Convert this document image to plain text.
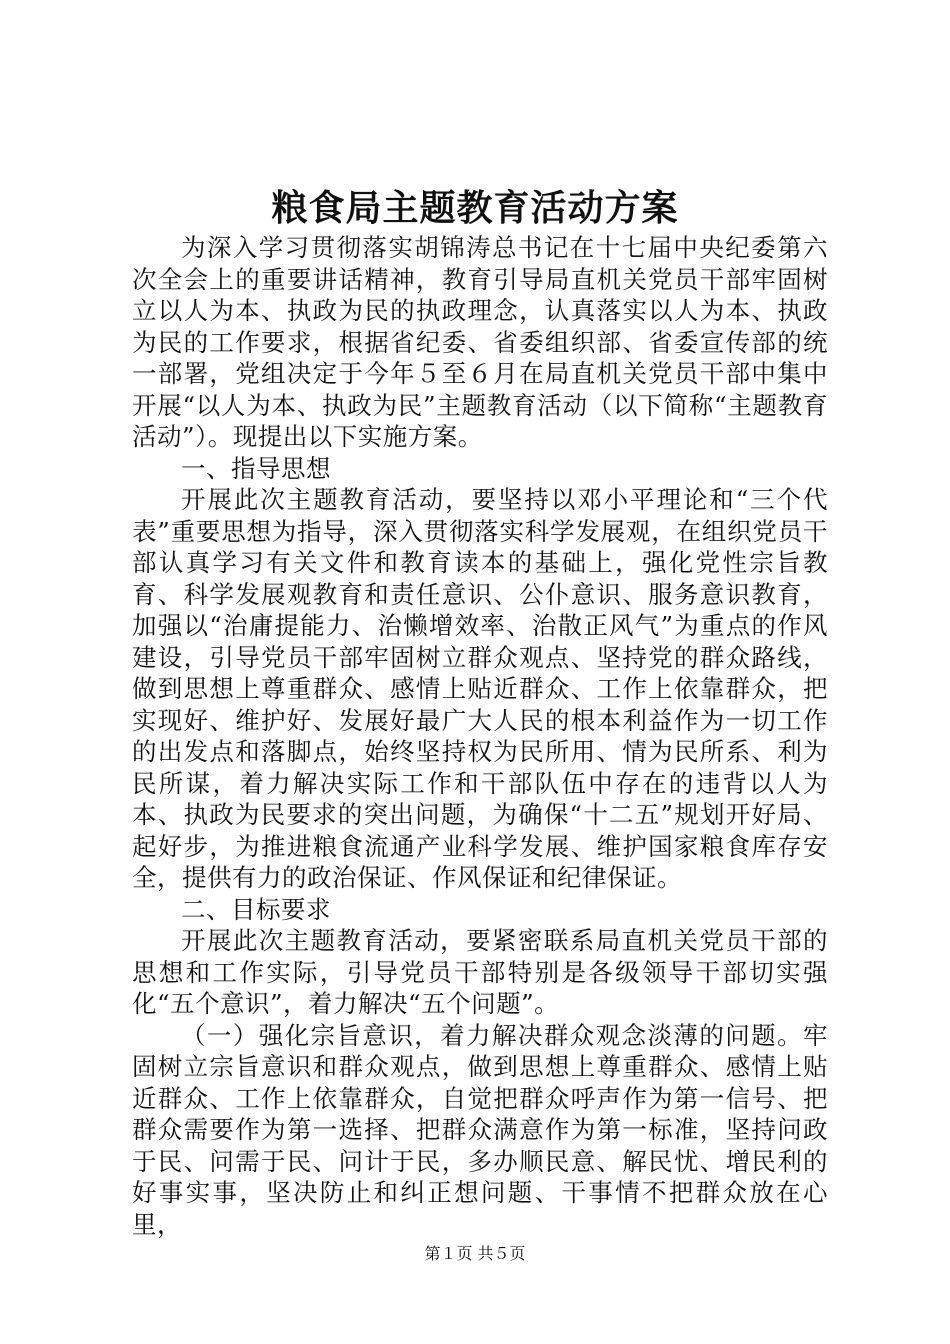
粮食局主题教育活动方案

为深入学习贯彻落实胡锦涛总书记在十七届中央纪委第六次全会上的重要讲话精神，教育引导局直机关党员干部牢固树立以人为本、执政为民的执政理念，认真落实以人为本、执政为民的工作要求，根据省纪委、省委组织部、省委宣传部的统一部署，党组决定于今年５至６月在局直机关党员干部中集中开展“以人为本、执政为民”主题教育活动（以下简称“主题教育活动”）。现提出以下实施方案。

一、指导思想

开展此次主题教育活动，要坚持以邓小平理论和“三个代表”重要思想为指导，深入贯彻落实科学发展观，在组织党员干部认真学习有关文件和教育读本的基础上，强化党性宗旨教育、科学发展观教育和责任意识、公仆意识、服务意识教育，加强以“治庸提能力、治懒增效率、治散正风气”为重点的作风建设，引导党员干部牢固树立群众观点、坚持党的群众路线，做到思想上尊重群众、感情上贴近群众、工作上依靠群众，把实现好、维护好、发展好最广大人民的根本利益作为一切工作的出发点和落脚点，始终坚持权为民所用、情为民所系、利为民所谋，着力解决实际工作和干部队伍中存在的违背以人为本、执政为民要求的突出问题，为确保“十二五”规划开好局、起好步，为推进粮食流通产业科学发展、维护国家粮食库存安全，提供有力的政治保证、作风保证和纪律保证。

二、目标要求

开展此次主题教育活动，要紧密联系局直机关党员干部的思想和工作实际，引导党员干部特别是各级领导干部切实强化“五个意识”，着力解决“五个问题”。

（一）强化宗旨意识，着力解决群众观念淡薄的问题。牢固树立宗旨意识和群众观点，做到思想上尊重群众、感情上贴近群众、工作上依靠群众，自觉把群众呼声作为第一信号、把群众需要作为第一选择、把群众满意作为第一标准，坚持问政于民、问需于民、问计于民，多办顺民意、解民忧、增民利的好事实事，坚决防止和纠正想问题、干事情不把群众放在心里，

第１页 共５页
